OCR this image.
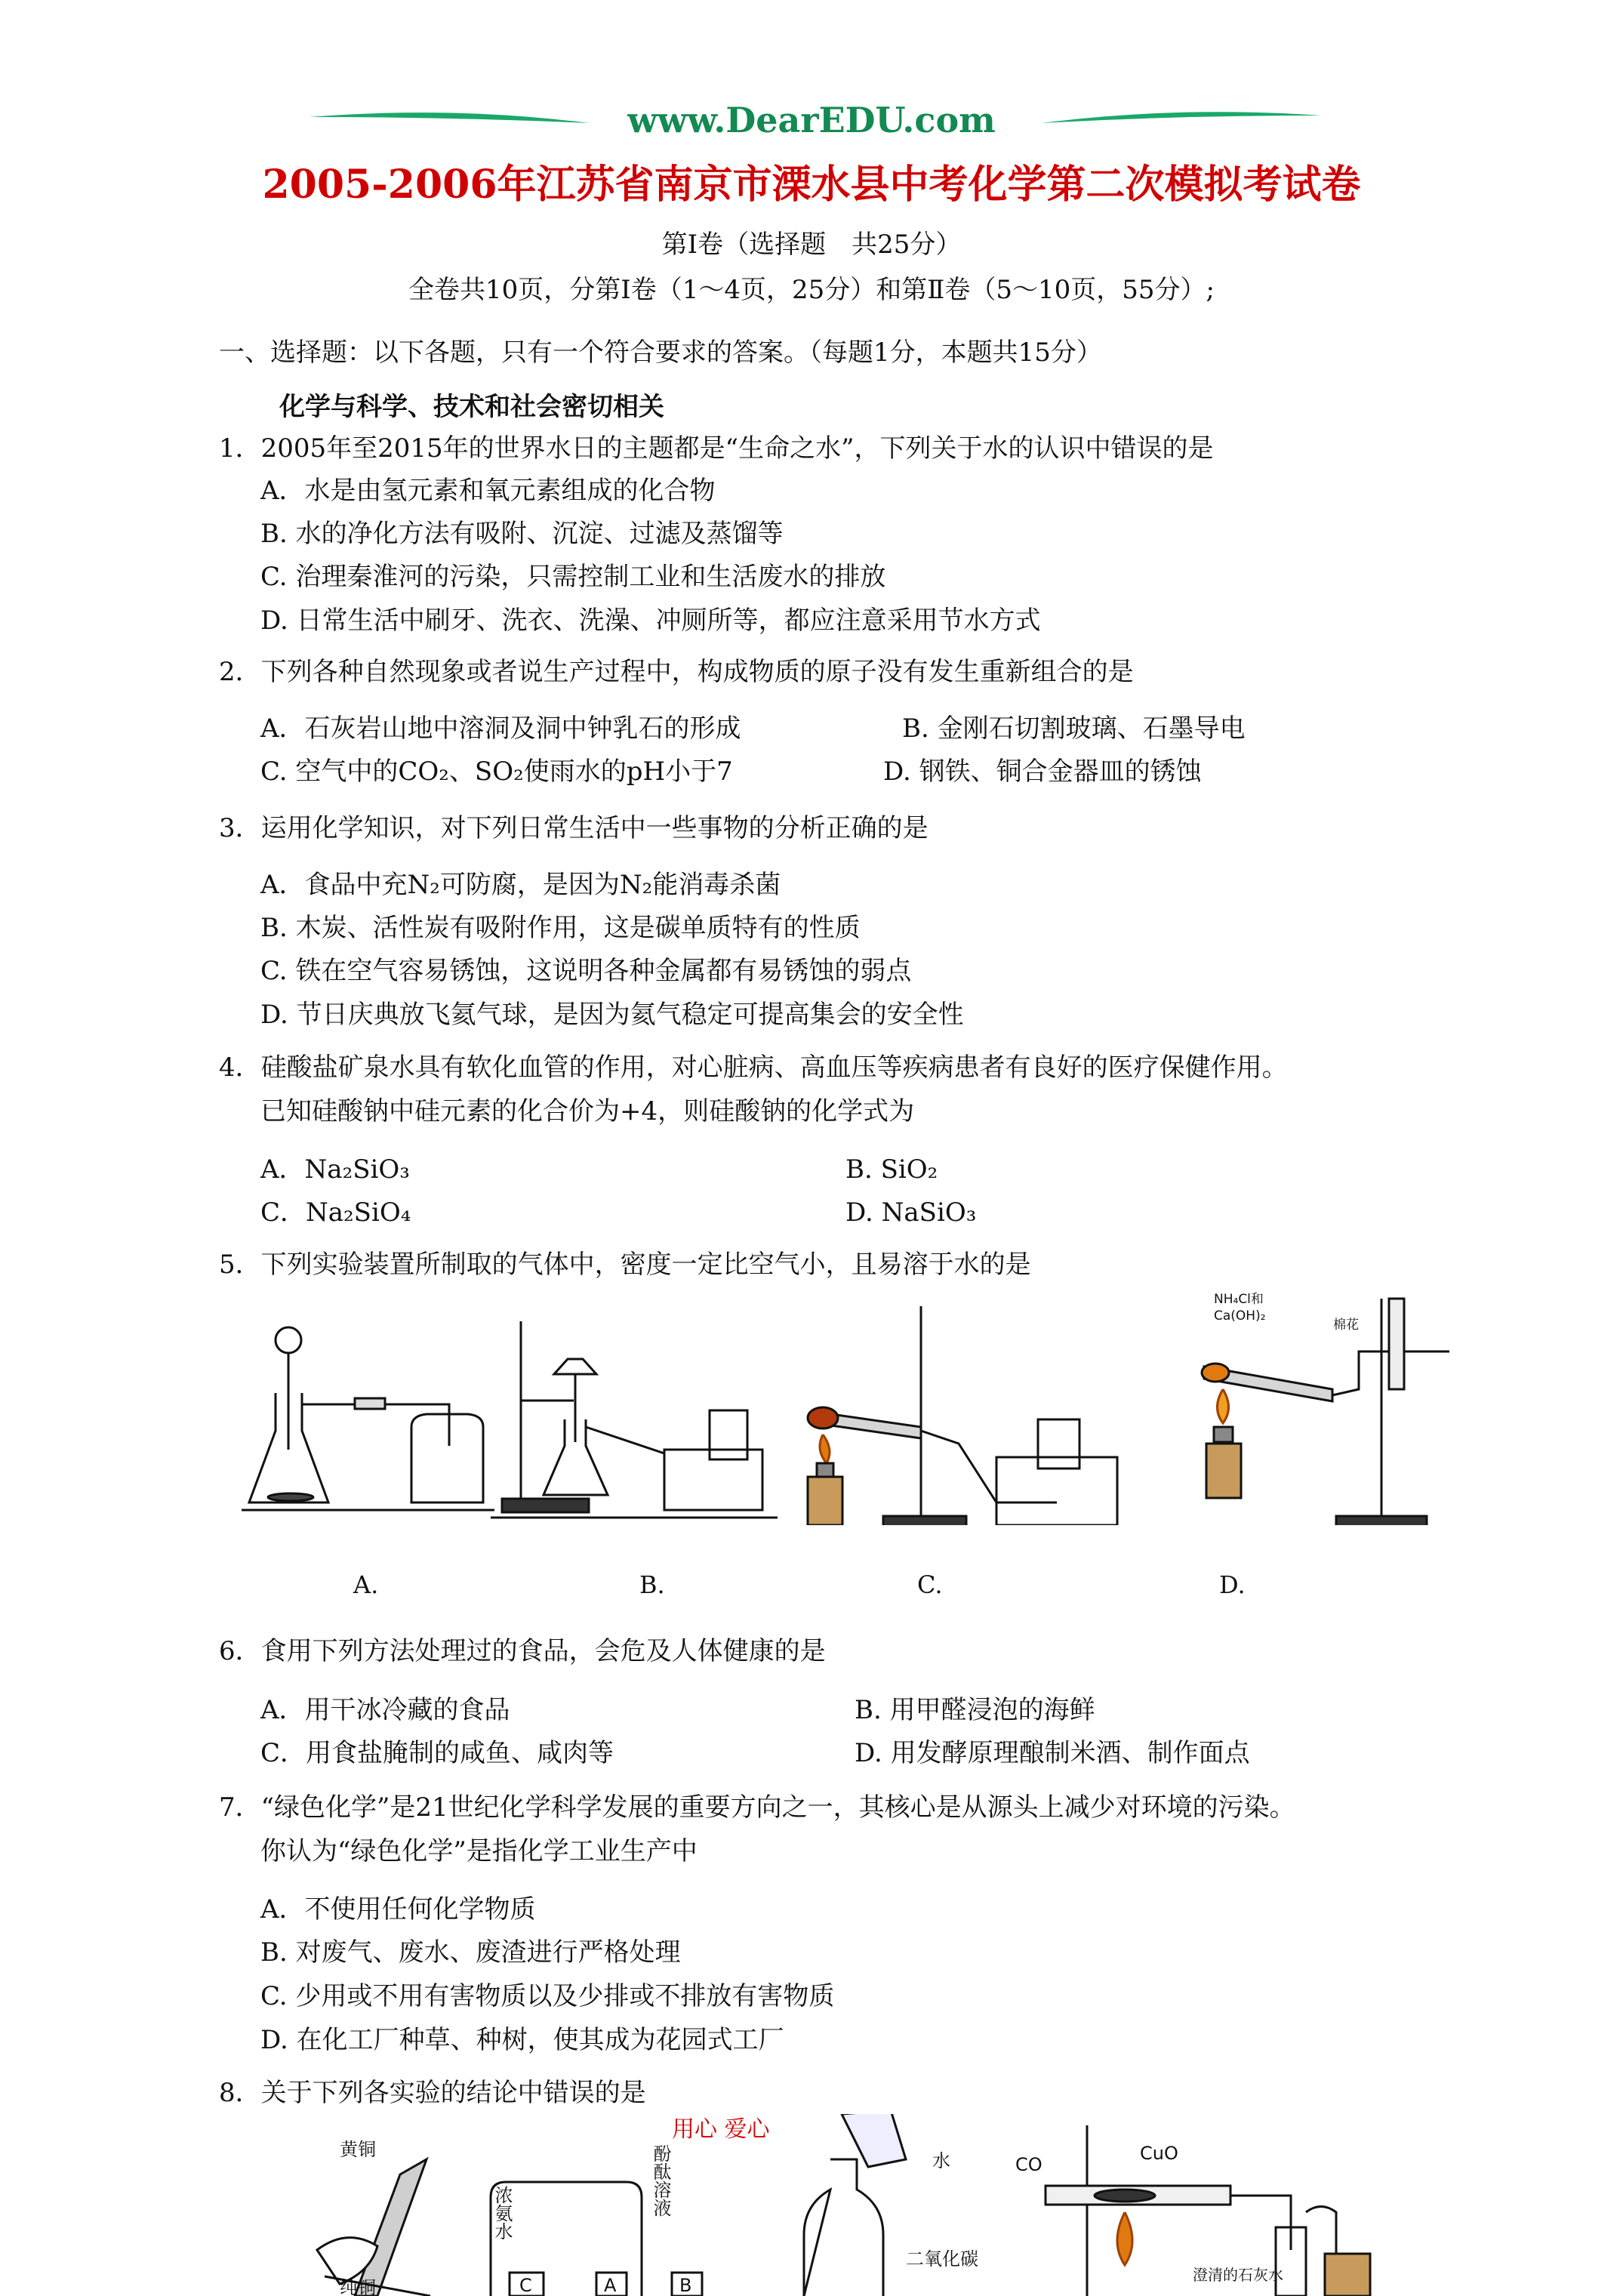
www.DearEDU.com
2005-2006年江苏省南京市溧水县中考化学第二次模拟考试卷
第Ⅰ卷（选择题　共25分）
全卷共10页，分第Ⅰ卷（1～4页，25分）和第Ⅱ卷（5～10页，55分）;
一、选择题：以下各题，只有一个符合要求的答案。（每题1分，本题共15分）
化学与科学、技术和社会密切相关
1．2005年至2015年的世界水日的主题都是“生命之水”，下列关于水的认识中错误的是
A．水是由氢元素和氧元素组成的化合物
B. 水的净化方法有吸附、沉淀、过滤及蒸馏等
C. 治理秦淮河的污染，只需控制工业和生活废水的排放
D. 日常生活中刷牙、洗衣、洗澡、冲厕所等，都应注意采用节水方式
2．下列各种自然现象或者说生产过程中，构成物质的原子没有发生重新组合的是
A．石灰岩山地中溶洞及洞中钟乳石的形成	B. 金刚石切割玻璃、石墨导电
C. 空气中的CO₂、SO₂使雨水的pH小于7	D. 钢铁、铜合金器皿的锈蚀
3．运用化学知识，对下列日常生活中一些事物的分析正确的是
A．食品中充N₂可防腐，是因为N₂能消毒杀菌
B. 木炭、活性炭有吸附作用，这是碳单质特有的性质
C. 铁在空气容易锈蚀，这说明各种金属都有易锈蚀的弱点
D. 节日庆典放飞氦气球，是因为氦气稳定可提高集会的安全性
4．硅酸盐矿泉水具有软化血管的作用，对心脏病、高血压等疾病患者有良好的医疗保健作用。
已知硅酸钠中硅元素的化合价为+4，则硅酸钠的化学式为
A．Na₂SiO₃	B. SiO₂
C．Na₂SiO₄	D. NaSiO₃
5．下列实验装置所制取的气体中，密度一定比空气小，且易溶于水的是
NH₄Cl和
Ca(OH)₂
棉花
A.	B.	C.	D.
6．食用下列方法处理过的食品，会危及人体健康的是
A．用干冰冷藏的食品	B. 用甲醛浸泡的海鲜
C．用食盐腌制的咸鱼、咸肉等	D. 用发酵原理酿制米酒、制作面点
7．“绿色化学”是21世纪化学科学发展的重要方向之一，其核心是从源头上减少对环境的污染。
你认为“绿色化学”是指化学工业生产中
A．不使用任何化学物质
B. 对废气、废水、废渣进行严格处理
C. 少用或不用有害物质以及少排或不排放有害物质
D. 在化工厂种草、种树，使其成为花园式工厂
8．关于下列各实验的结论中错误的是
用心 爱心
黄铜
纯铜
浓氨水	酚酞溶液
C	A	B
水
二氧化碳
CO
CuO
澄清的石灰水
